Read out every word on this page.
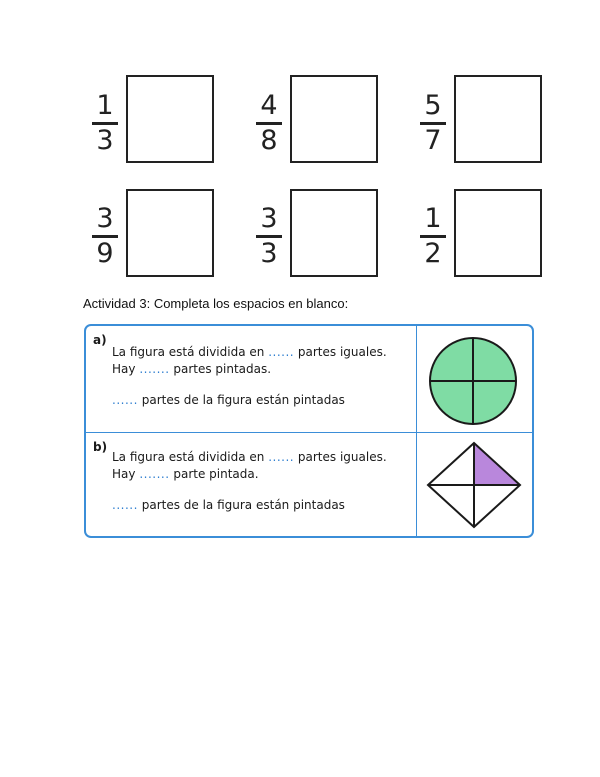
1
3
4
8
5
7
3
9
3
3
1
2
Actividad 3: Completa los espacios en blanco:
a)
La figura está dividida en ...... partes iguales.
Hay ....... partes pintadas.
...... partes de la figura están pintadas
b)
La figura está dividida en ...... partes iguales.
Hay ....... parte pintada.
...... partes de la figura están pintadas
